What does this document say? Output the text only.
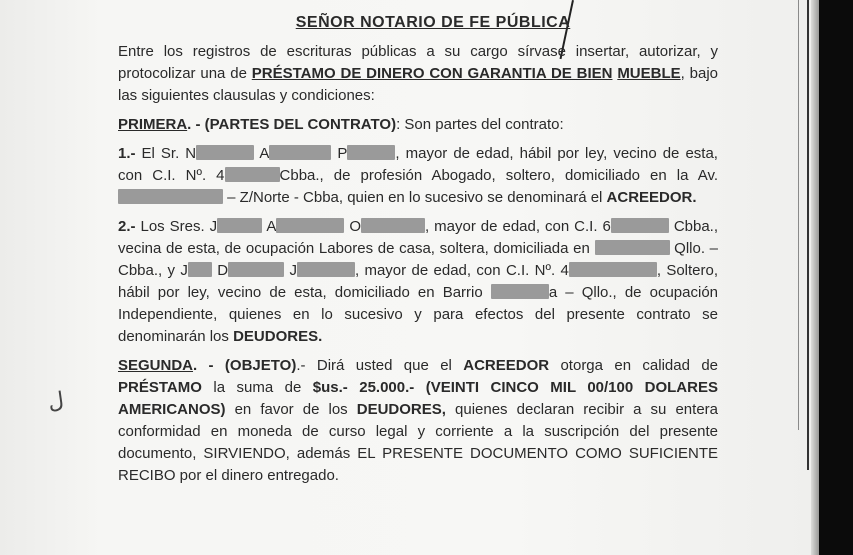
ﻝ
SEÑOR NOTARIO DE FE PÚBLICA

Entre los registros de escrituras públicas a su cargo sírvase insertar, autorizar, y protocolizar una de PRÉSTAMO DE DINERO CON GARANTIA DE BIEN MUEBLE, bajo las siguientes clausulas y condiciones:

PRIMERA. - (PARTES DEL CONTRATO): Son partes del contrato:

1.- El Sr. N	A	P	, mayor de edad, hábil por ley, vecino de esta, con C.I. Nº. 4	Cbba., de profesión Abogado, soltero, domiciliado en la Av.  – Z/Norte - Cbba, quien en lo sucesivo se denominará el ACREEDOR.

2.- Los Sres. J	A	O	, mayor de edad, con C.I. 6	Cbba., vecina de esta, de ocupación Labores de casa, soltera, domiciliada en	Qllo. – Cbba., y J D	J	, mayor de edad, con C.I. Nº. 4	, Soltero, hábil por ley, vecino de esta, domiciliado en Barrio	a – Qllo., de ocupación Independiente, quienes en lo sucesivo y para efectos del presente contrato se denominarán los DEUDORES.

SEGUNDA. - (OBJETO).- Dirá usted que el ACREEDOR otorga en calidad de PRÉSTAMO la suma de $us.- 25.000.- (VEINTI CINCO MIL 00/100 DOLARES AMERICANOS) en favor de los DEUDORES, quienes declaran recibir a su entera conformidad en moneda de curso legal y corriente a la suscripción del presente documento, SIRVIENDO, además EL PRESENTE DOCUMENTO COMO SUFICIENTE RECIBO por el dinero entregado.
